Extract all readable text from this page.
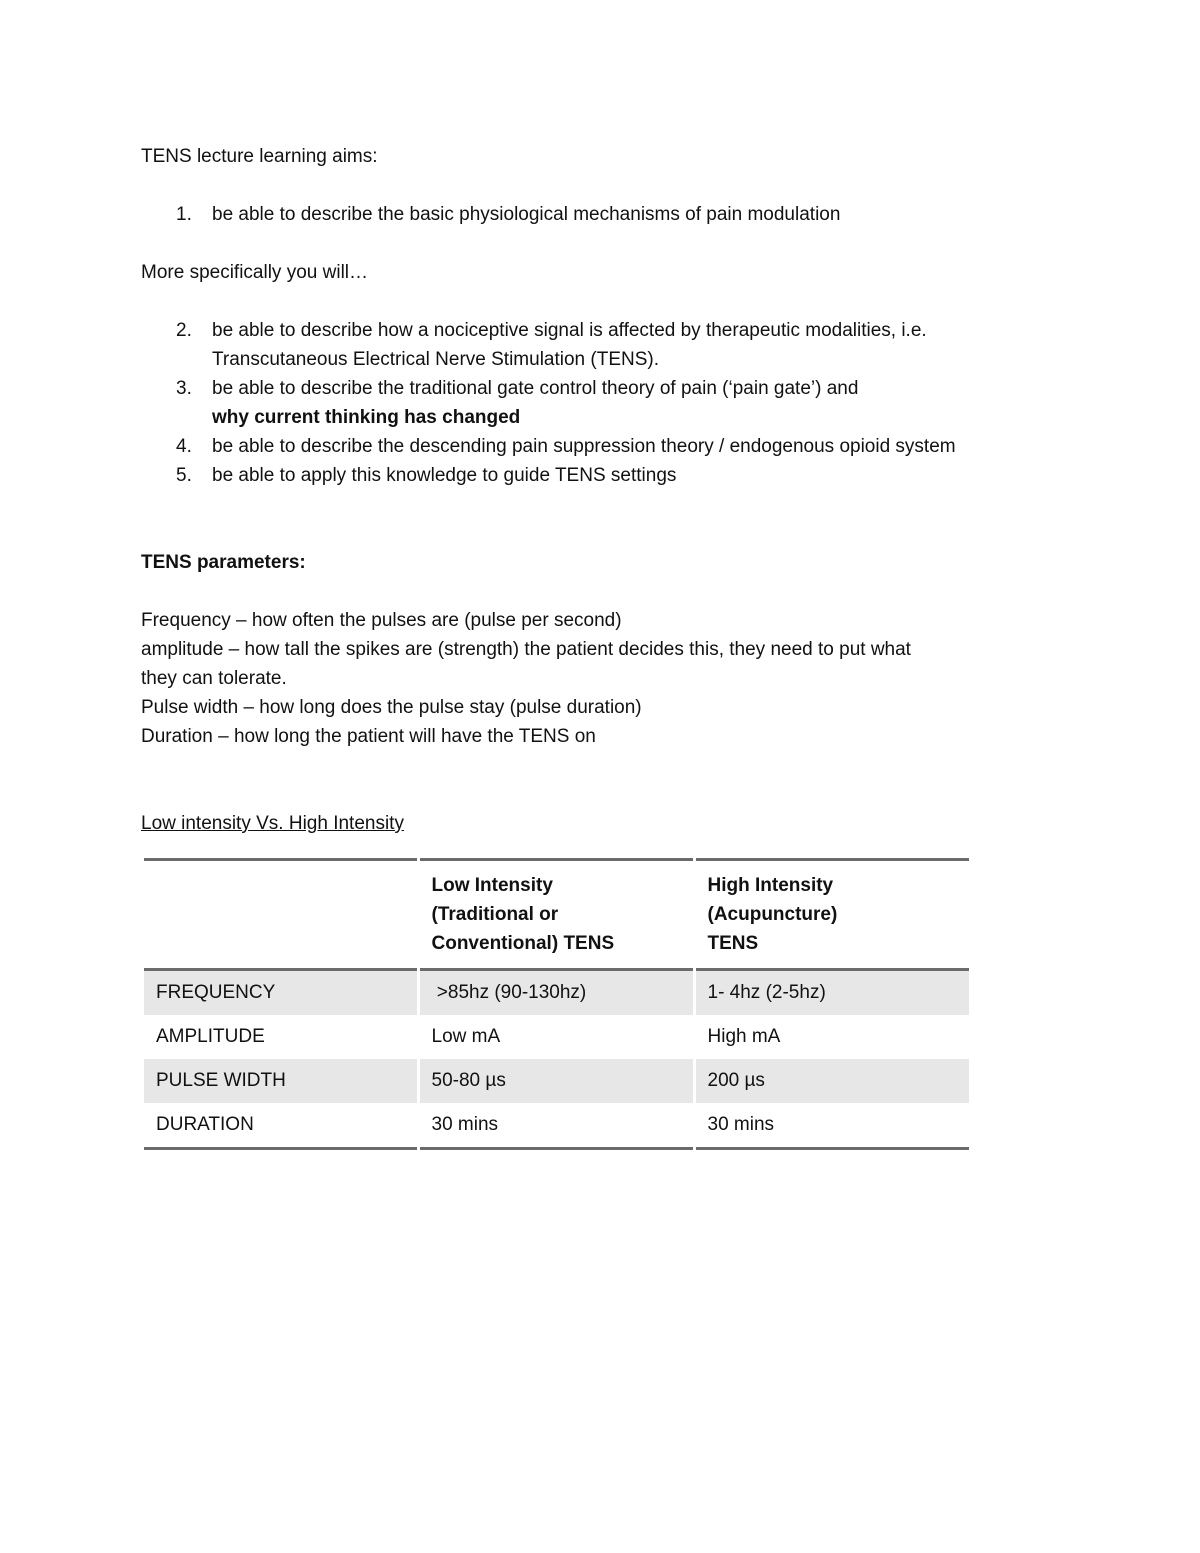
TENS lecture learning aims:

1. be able to describe the basic physiological mechanisms of pain modulation

More specifically you will…

2. be able to describe how a nociceptive signal is affected by therapeutic modalities, i.e.
Transcutaneous Electrical Nerve Stimulation (TENS).
3. be able to describe the traditional gate control theory of pain (‘pain gate’) and
why current thinking has changed
4. be able to describe the descending pain suppression theory / endogenous opioid system
5. be able to apply this knowledge to guide TENS settings

TENS parameters:

Frequency – how often the pulses are (pulse per second)

amplitude – how tall the spikes are (strength) the patient decides this, they need to put what

they can tolerate.

Pulse width – how long does the pulse stay (pulse duration)

Duration – how long the patient will have the TENS on

Low intensity Vs. High Intensity

	Low Intensity
(Traditional or
Conventional) TENS	High Intensity
(Acupuncture)
TENS
FREQUENCY	>85hz (90-130hz)	1- 4hz (2-5hz)
AMPLITUDE	Low mA	High mA
PULSE WIDTH	50-80 µs	200 µs
DURATION	30 mins	30 mins
